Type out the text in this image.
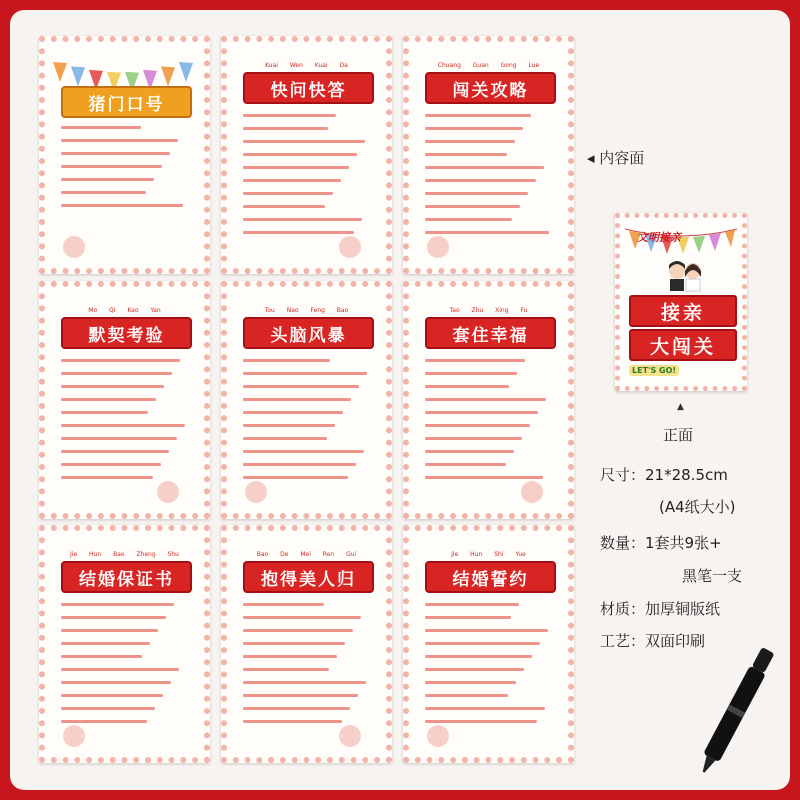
猪门口号
Kuai Wen Kuai Da
快问快答
Chuang Guan Gong Lue
闯关攻略
Mo Qi Kao Yan
默契考验
Tou Nao Feng Bao
头脑风暴
Tao Zhu Xing Fu
套住幸福
Jie Hun Bao Zheng Shu
结婚保证书
Bao De Mei Ren Gui
抱得美人归
Jie Hun Shi Yue
结婚誓约
◂ 内容面
文明接亲
接亲
大闯关
LET'S GO!
▲
正面
尺寸：21*28.5cm
(A4纸大小)
数量：1套共9张+
黑笔一支
材质：加厚铜版纸
工艺：双面印刷
